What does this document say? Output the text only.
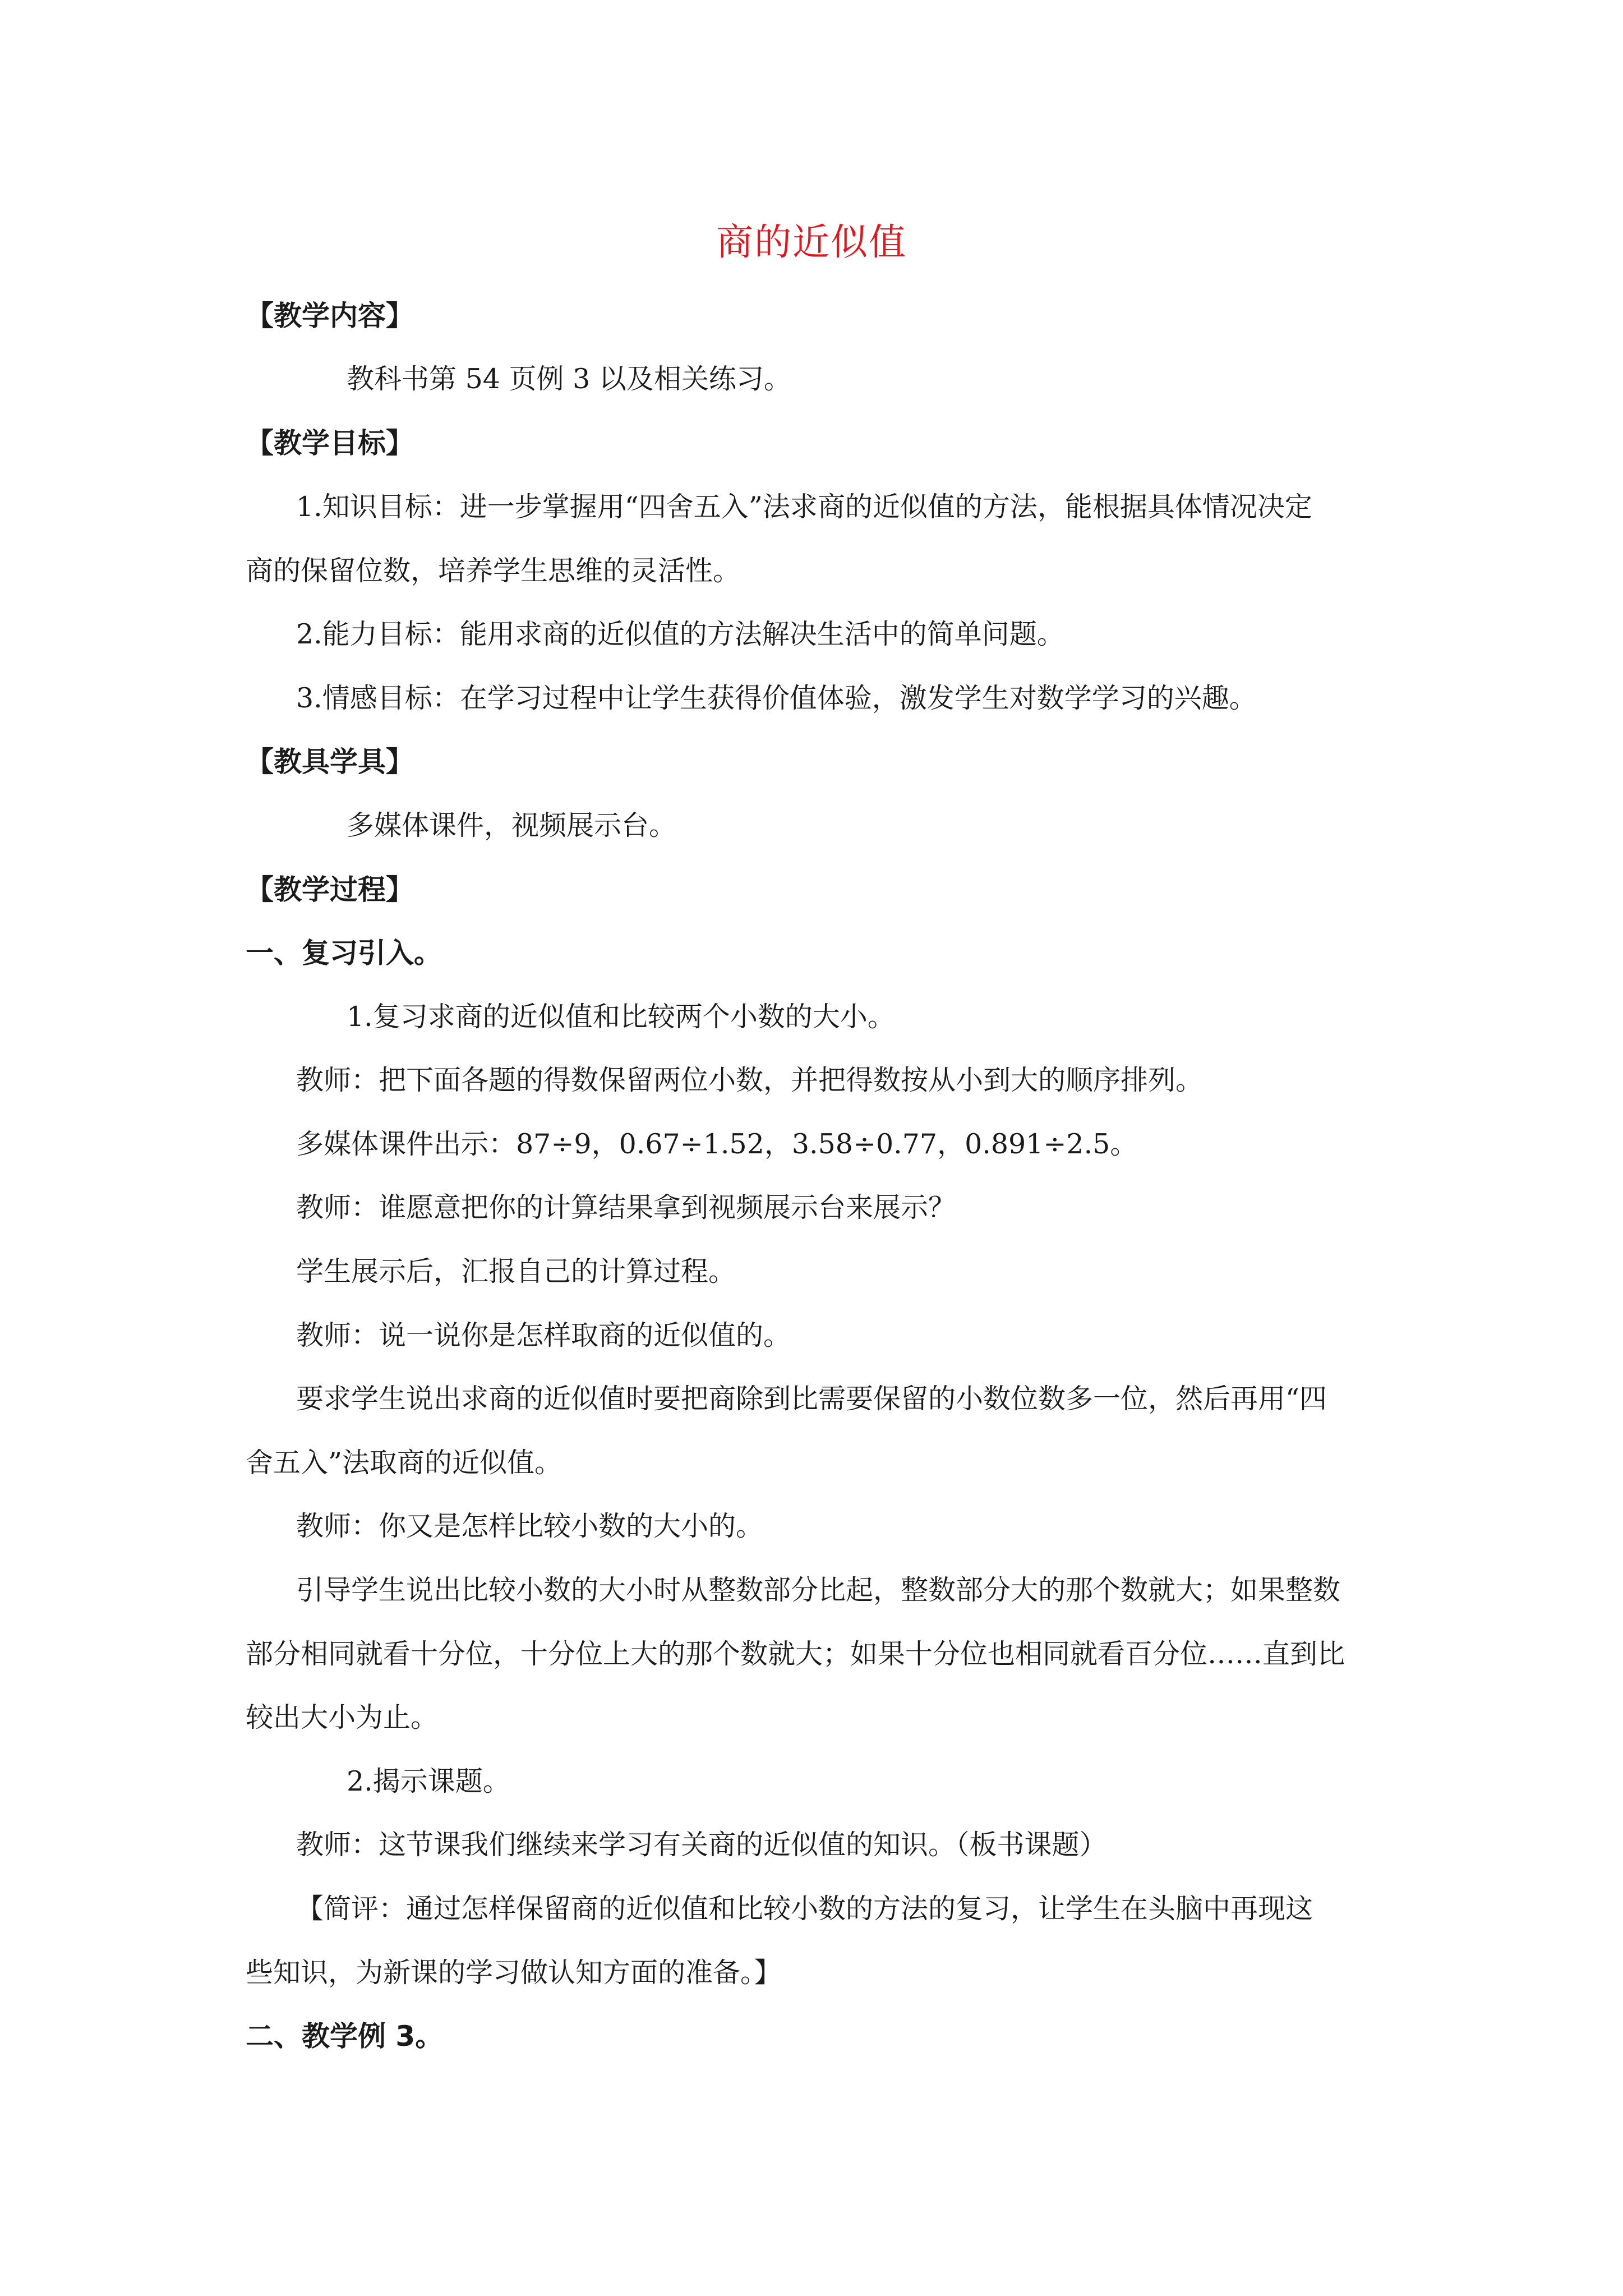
商的近似值
【教学内容】
教科书第 54 页例 3 以及相关练习。
【教学目标】
1.知识目标：进一步掌握用“四舍五入”法求商的近似值的方法，能根据具体情况决定
商的保留位数，培养学生思维的灵活性。
2.能力目标：能用求商的近似值的方法解决生活中的简单问题。
3.情感目标：在学习过程中让学生获得价值体验，激发学生对数学学习的兴趣。
【教具学具】
多媒体课件，视频展示台。
【教学过程】
一、复习引入。
1.复习求商的近似值和比较两个小数的大小。
教师：把下面各题的得数保留两位小数，并把得数按从小到大的顺序排列。
多媒体课件出示：87÷9，0.67÷1.52，3.58÷0.77，0.891÷2.5。
教师：谁愿意把你的计算结果拿到视频展示台来展示？
学生展示后，汇报自己的计算过程。
教师：说一说你是怎样取商的近似值的。
要求学生说出求商的近似值时要把商除到比需要保留的小数位数多一位，然后再用“四
舍五入”法取商的近似值。
教师：你又是怎样比较小数的大小的。
引导学生说出比较小数的大小时从整数部分比起，整数部分大的那个数就大；如果整数
部分相同就看十分位，十分位上大的那个数就大；如果十分位也相同就看百分位……直到比
较出大小为止。
2.揭示课题。
教师：这节课我们继续来学习有关商的近似值的知识。（板书课题）
【简评：通过怎样保留商的近似值和比较小数的方法的复习，让学生在头脑中再现这
些知识，为新课的学习做认知方面的准备。】
二、教学例 3。
